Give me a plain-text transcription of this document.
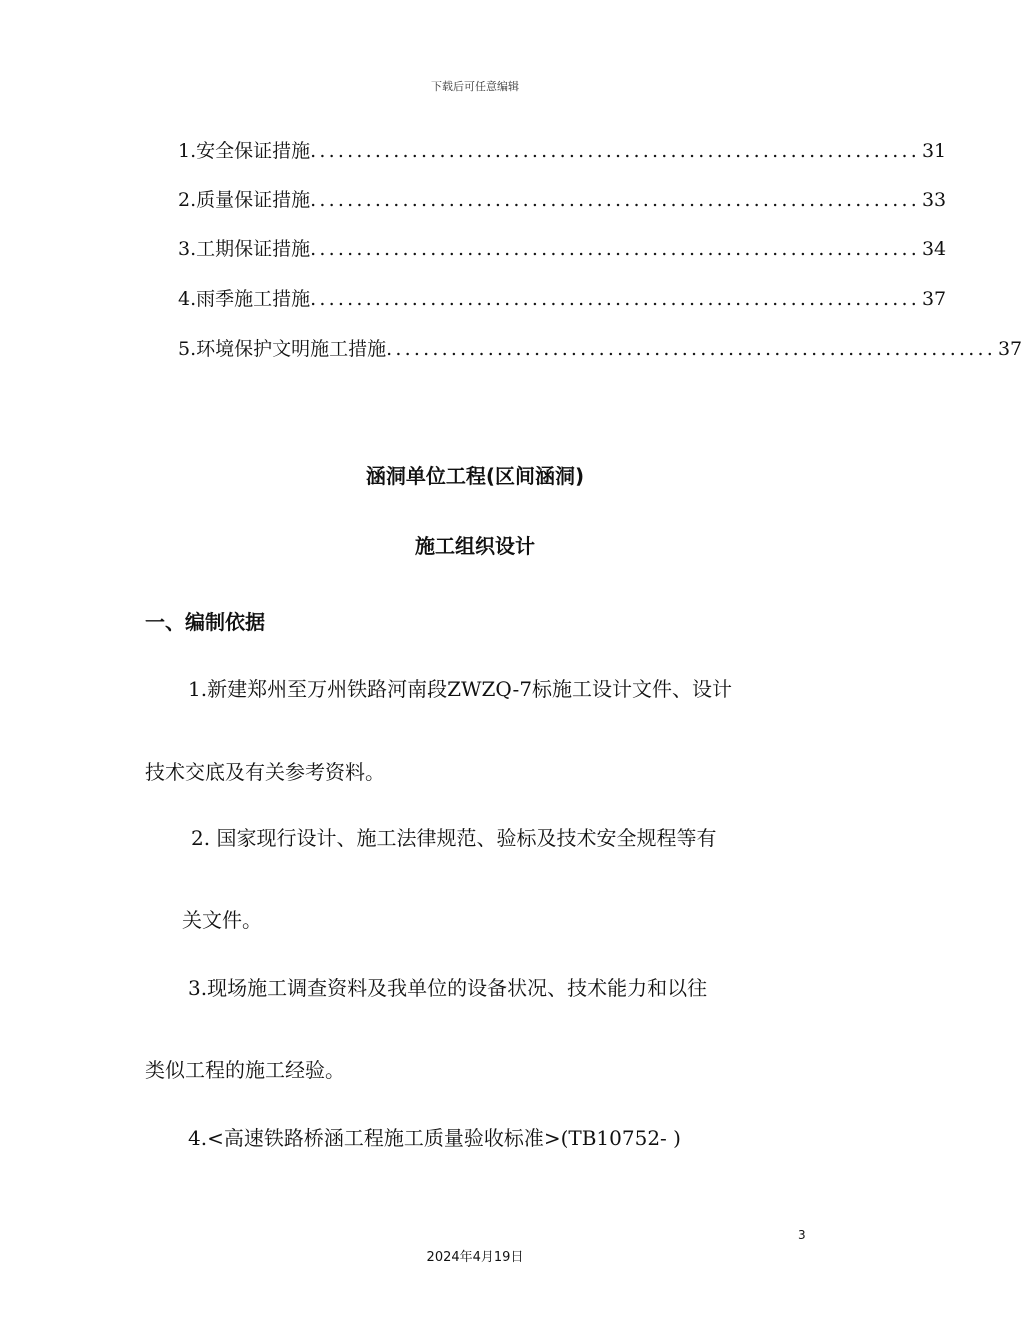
下载后可任意编辑
1.安全保证措施 .................................................................. 31
2.质量保证措施 .................................................................. 33
3.工期保证措施 .................................................................. 34
4.雨季施工措施 .................................................................. 37
5.环境保护文明施工措施 .................................................................. 37
涵洞单位工程(区间涵洞)
施工组织设计
一、编制依据
1.新建郑州至万州铁路河南段ZWZQ-7标施工设计文件、设计
技术交底及有关参考资料。
2. 国家现行设计、施工法律规范、验标及技术安全规程等有
关文件。
3.现场施工调查资料及我单位的设备状况、技术能力和以往
类似工程的施工经验。
4.<高速铁路桥涵工程施工质量验收标准>(TB10752- )
3
2024年4月19日
